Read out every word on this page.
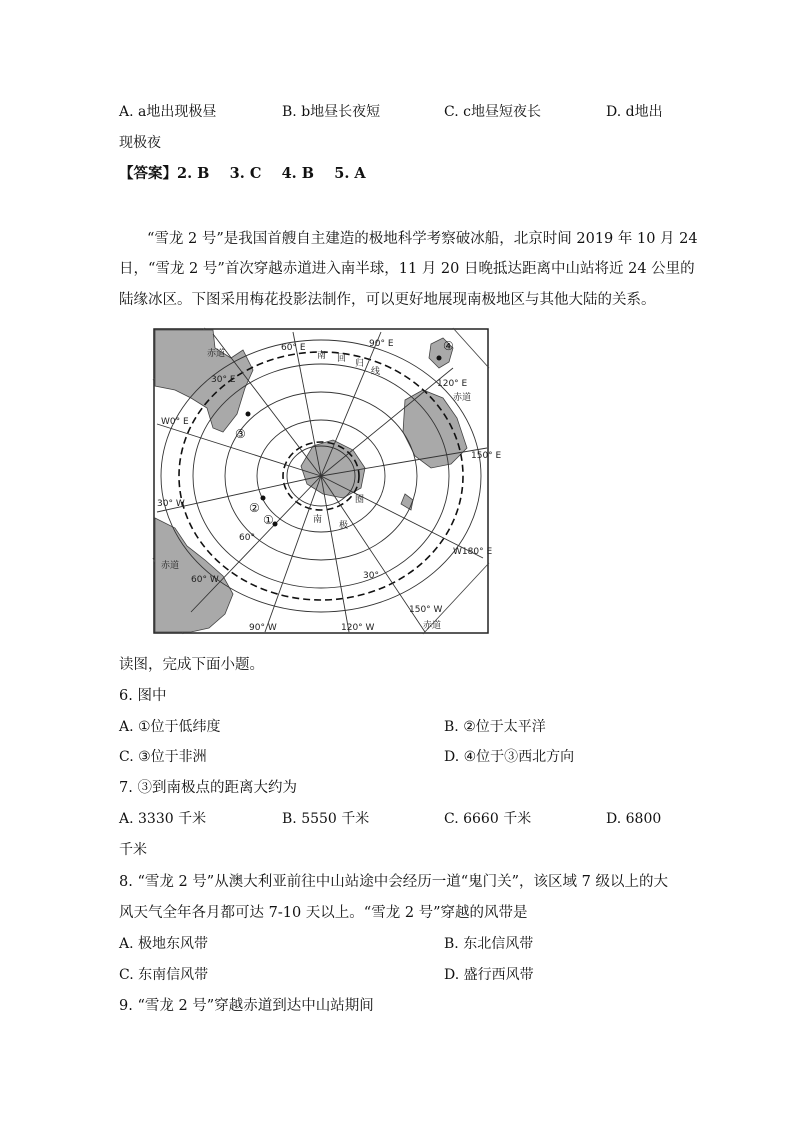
A. a地出现极昼	B. b地昼长夜短	C. c地昼短夜长	D. d地出
现极夜
【答案】2. B 3. C 4. B 5. A
“雪龙 2 号”是我国首艘自主建造的极地科学考察破冰船，北京时间 2019 年 10 月 24
日，“雪龙 2 号”首次穿越赤道进入南半球，11 月 20 日晚抵达距离中山站将近 24 公里的
陆缘冰区。下图采用梅花投影法制作，可以更好地展现南极地区与其他大陆的关系。
60° E	90° E
120° E
150° E
W180° E
150° W
120° W
90° W
60° W
30° W
W0° E
30° E
南 回 归
线
南
极
圈
赤道
赤道
赤道
赤道
30°
60°
①
②
③
④
读图，完成下面小题。
6. 图中
A. ①位于低纬度	B. ②位于太平洋
C. ③位于非洲	D. ④位于③西北方向
7. ③到南极点的距离大约为
A. 3330 千米	B. 5550 千米	C. 6660 千米	D. 6800
千米
8. “雪龙 2 号”从澳大利亚前往中山站途中会经历一道“鬼门关”，该区域 7 级以上的大
风天气全年各月都可达 7-10 天以上。“雪龙 2 号”穿越的风带是
A. 极地东风带	B. 东北信风带
C. 东南信风带	D. 盛行西风带
9. “雪龙 2 号”穿越赤道到达中山站期间
